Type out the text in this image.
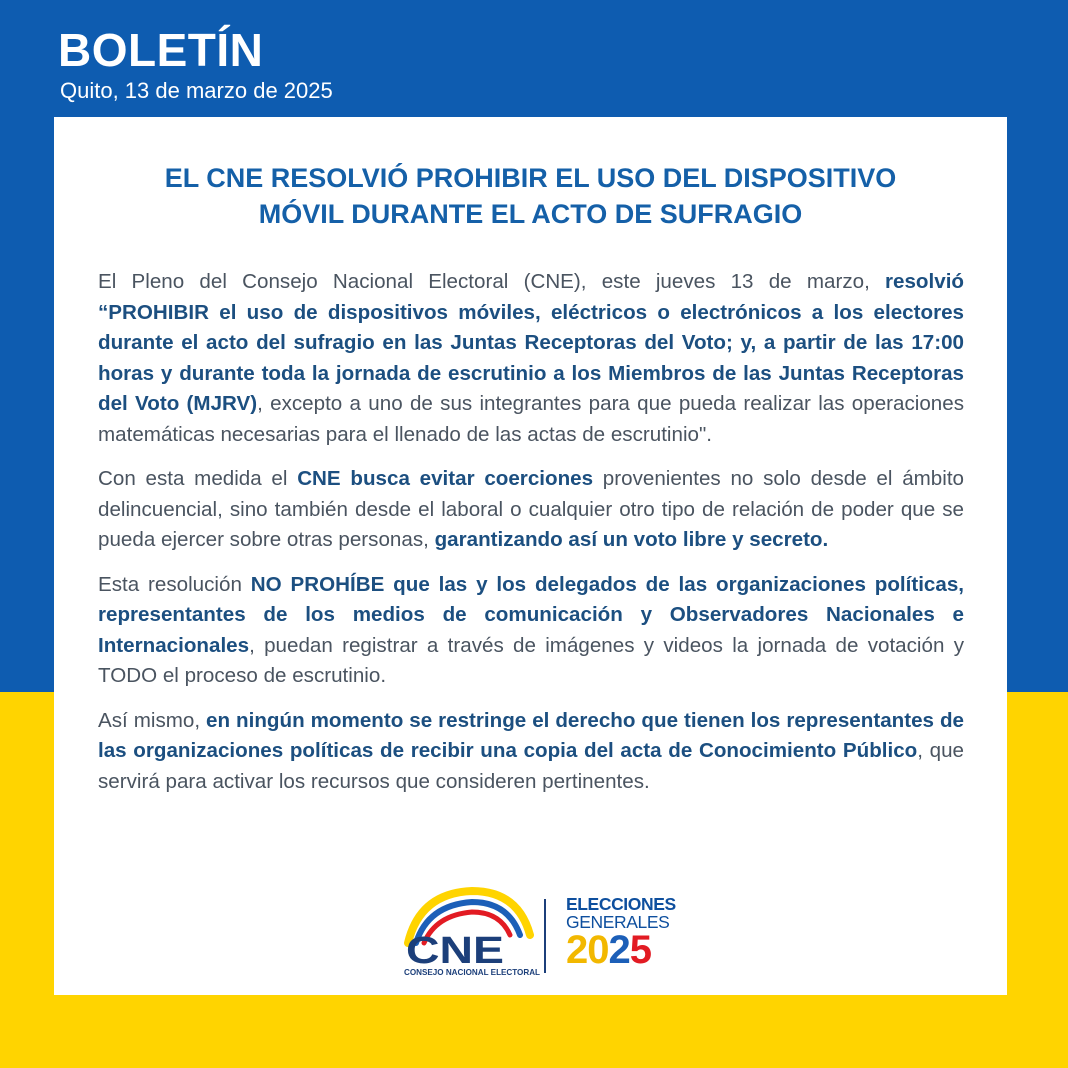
BOLETÍN
Quito, 13 de marzo de 2025
EL CNE RESOLVIÓ PROHIBIR EL USO DEL DISPOSITIVO
MÓVIL DURANTE EL ACTO DE SUFRAGIO

El Pleno del Consejo Nacional Electoral (CNE), este jueves 13 de marzo, resolvió “PROHIBIR el uso de dispositivos móviles, eléctricos o electrónicos a los electores durante el acto del sufragio en las Juntas Receptoras del Voto; y, a partir de las 17:00 horas y durante toda la jornada de escrutinio a los Miembros de las Juntas Receptoras del Voto (MJRV), excepto a uno de sus integrantes para que pueda realizar las operaciones matemáticas necesarias para el llenado de las actas de escrutinio".

Con esta medida el CNE busca evitar coerciones provenientes no solo desde el ámbito delincuencial, sino también desde el laboral o cualquier otro tipo de relación de poder que se pueda ejercer sobre otras personas, garantizando así un voto libre y secreto.

Esta resolución NO PROHÍBE que las y los delegados de las organizaciones políticas, representantes de los medios de comunicación y Observadores Nacionales e Internacionales, puedan registrar a través de imágenes y videos la jornada de votación y TODO el proceso de escrutinio.

Así mismo, en ningún momento se restringe el derecho que tienen los representantes de las organizaciones políticas de recibir una copia del acta de Conocimiento Público, que servirá para activar los recursos que consideren pertinentes.

CNE
CONSEJO NACIONAL ELECTORAL
ELECCIONES
GENERALES
2025
